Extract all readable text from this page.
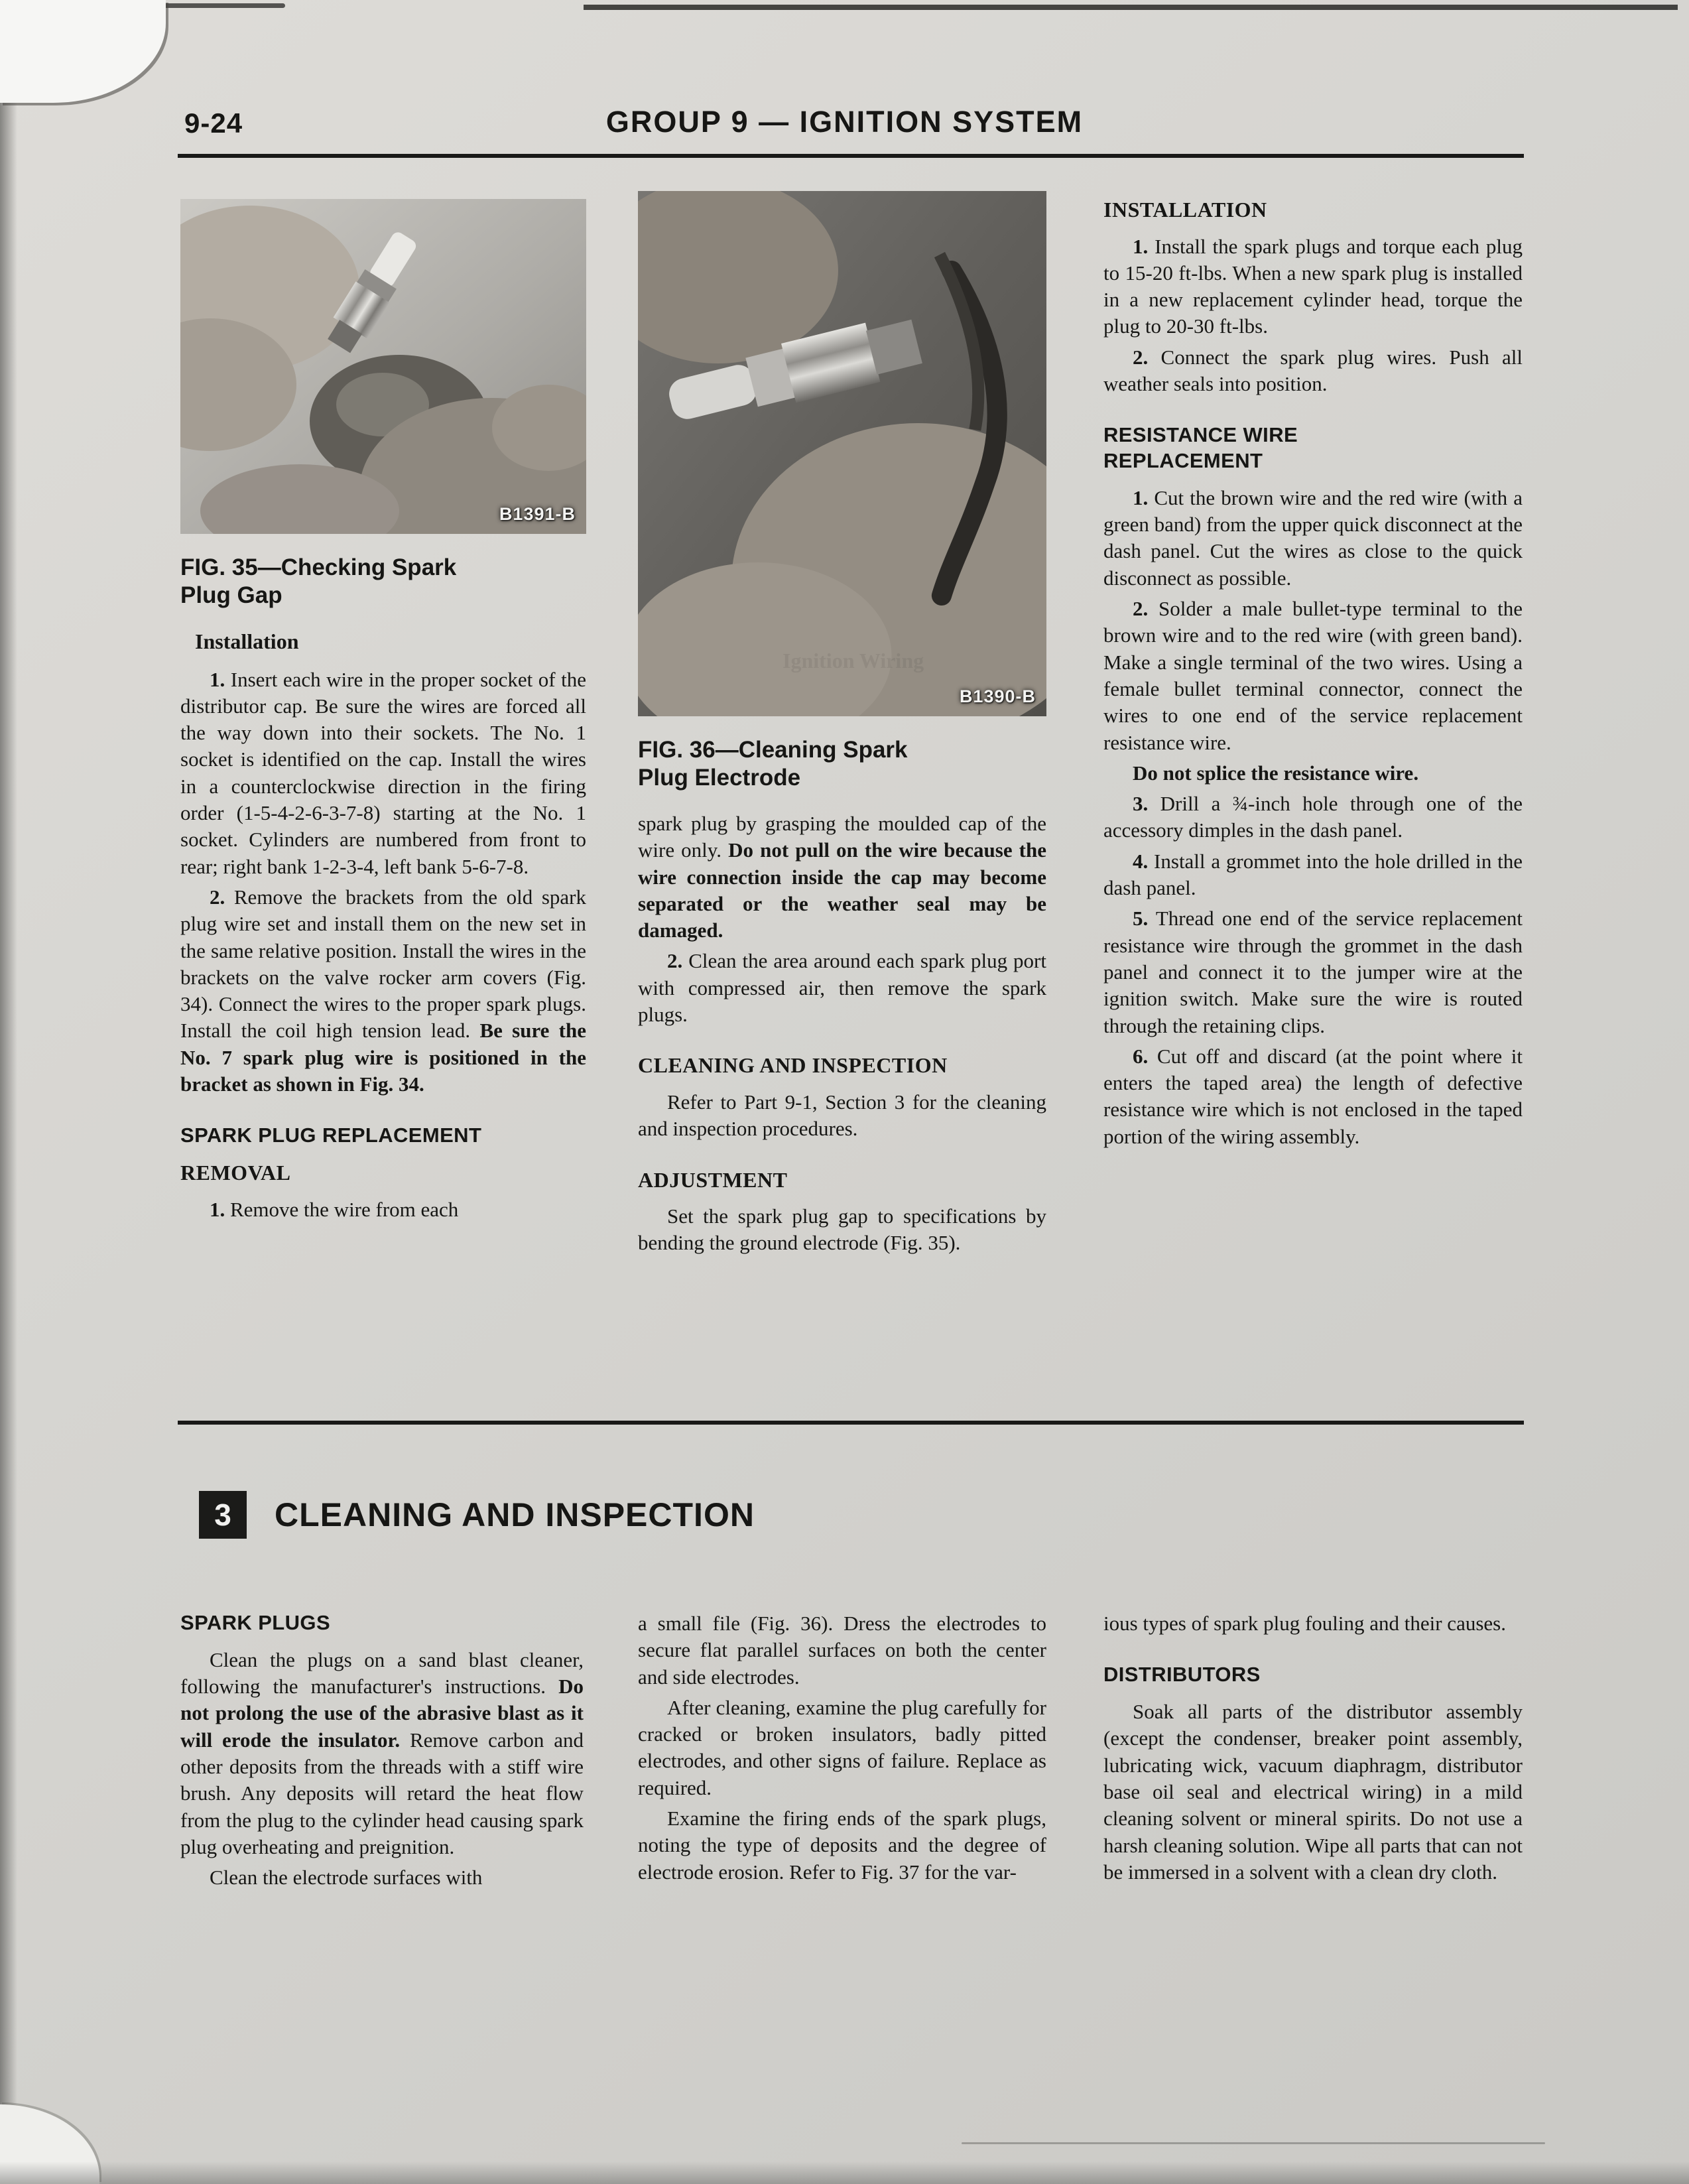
9-24	GROUP 9 — IGNITION SYSTEM
B1391-B
FIG. 35—Checking Spark Plug Gap
Installation

1. Insert each wire in the proper socket of the distributor cap. Be sure the wires are forced all the way down into their sockets. The No. 1 socket is identified on the cap. Install the wires in a counterclockwise direction in the firing order (1-5-4-2-6-3-7-8) starting at the No. 1 socket. Cylinders are numbered from front to rear; right bank 1-2-3-4, left bank 5-6-7-8.

2. Remove the brackets from the old spark plug wire set and install them on the new set in the same relative position. Install the wires in the brackets on the valve rocker arm covers (Fig. 34). Connect the wires to the proper spark plugs. Install the coil high tension lead. Be sure the No. 7 spark plug wire is positioned in the bracket as shown in Fig. 34.

SPARK PLUG REPLACEMENT
REMOVAL

1. Remove the wire from each

B1390-B
FIG. 36—Cleaning Spark Plug Electrode

spark plug by grasping the moulded cap of the wire only. Do not pull on the wire because the wire connection inside the cap may become separated or the weather seal may be damaged.

2. Clean the area around each spark plug port with compressed air, then remove the spark plugs.

CLEANING AND INSPECTION

Refer to Part 9-1, Section 3 for the cleaning and inspection procedures.

ADJUSTMENT

Set the spark plug gap to specifications by bending the ground electrode (Fig. 35).

INSTALLATION

1. Install the spark plugs and torque each plug to 15-20 ft-lbs. When a new spark plug is installed in a new replacement cylinder head, torque the plug to 20-30 ft-lbs.

2. Connect the spark plug wires. Push all weather seals into position.

RESISTANCE WIRE REPLACEMENT

1. Cut the brown wire and the red wire (with a green band) from the upper quick disconnect at the dash panel. Cut the wires as close to the quick disconnect as possible.

2. Solder a male bullet-type terminal to the brown wire and to the red wire (with green band). Make a single terminal of the two wires. Using a female bullet terminal connector, connect the wires to one end of the service replacement resistance wire.

Do not splice the resistance wire.

3. Drill a ¾-inch hole through one of the accessory dimples in the dash panel.

4. Install a grommet into the hole drilled in the dash panel.

5. Thread one end of the service replacement resistance wire through the grommet in the dash panel and connect it to the jumper wire at the ignition switch. Make sure the wire is routed through the retaining clips.

6. Cut off and discard (at the point where it enters the taped area) the length of defective resistance wire which is not enclosed in the taped portion of the wiring assembly.

3	CLEANING AND INSPECTION
SPARK PLUGS

Clean the plugs on a sand blast cleaner, following the manufacturer's instructions. Do not prolong the use of the abrasive blast as it will erode the insulator. Remove carbon and other deposits from the threads with a stiff wire brush. Any deposits will retard the heat flow from the plug to the cylinder head causing spark plug overheating and preignition.

Clean the electrode surfaces with

a small file (Fig. 36). Dress the electrodes to secure flat parallel surfaces on both the center and side electrodes.

After cleaning, examine the plug carefully for cracked or broken insulators, badly pitted electrodes, and other signs of failure. Replace as required.

Examine the firing ends of the spark plugs, noting the type of deposits and the degree of electrode erosion. Refer to Fig. 37 for the var-

ious types of spark plug fouling and their causes.

DISTRIBUTORS

Soak all parts of the distributor assembly (except the condenser, breaker point assembly, lubricating wick, vacuum diaphragm, distributor base oil seal and electrical wiring) in a mild cleaning solvent or mineral spirits. Do not use a harsh cleaning solution. Wipe all parts that can not be immersed in a solvent with a clean dry cloth.
